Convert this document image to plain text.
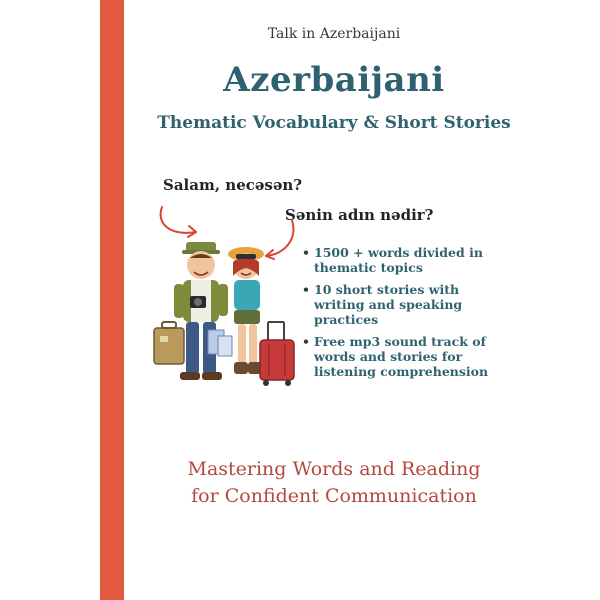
Talk in Azerbaijani
Azerbaijani
Thematic Vocabulary & Short Stories
Salam, necəsən?
Sənin adın nədir?
• 1500 + words divided in thematic topics
• 10 short stories with writing and speaking practices
• Free mp3 sound track of words and stories for listening comprehension
Mastering Words and Reading
for Confident Communication
